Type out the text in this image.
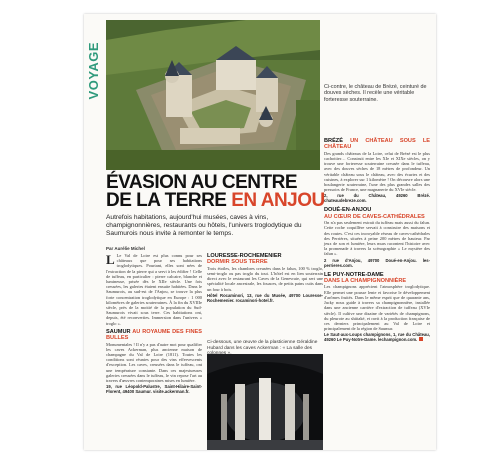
VOYAGE	Ci-contre, le château de Brézé, ceinturé de douves sèches. Il recèle une véritable forteresse souterraine.
ÉVASION AU CENTRE
DE LA TERRE EN ANJOU
Autrefois habitations, aujourd'hui musées, caves à vins, champignonnières, restaurants ou hôtels, l'univers troglodytique du Saumurois nous invite à remonter le temps.
Par Aurélie Michel

L Le Val de Loire est plus connu pour ses châteaux que pour ses habitations troglodytiques. Pourtant, elles sont nées de l'extraction de la pierre qui a servi à les édifier ! Celle de tuffeau, en particulier : pierre calcaire, blanche et lumineuse, prisée dès le XIIe siècle. Une fois creusées, les galeries étaient ensuite habitées. Dans le Saumurois, au sud-est de l'Anjou, se trouve la plus forte concentration troglodytique en Europe : 1 000 kilomètres de galeries souterraines. À la fin du XVIIIe siècle, près de la moitié de la population du Sud-Saumurois vivait sous terre. Ces habitations ont, depuis, été reconverties. Immersion dans l'univers « troglo ».

SAUMUR AU ROYAUME DES FINES BULLES

Monumentales ! Il n'y a pas d'autre mot pour qualifier les caves Ackerman, plus ancienne maison de champagne du Val de Loire (1811). Toutes les conditions sont réunies pour des vins effervescents d'exception. Les caves, creusées dans le tuffeau, ont une température constante. Dans ces majestueuses galeries creusées dans le tuffeau, le vin repose l'art au travers d'œuvres contemporaines mises en lumière.

19, rue Léopold-Palustre, Saint-Hilaire-Saint-Florent, 49400 Saumur. visite.ackerman.fr.
LOURESSE-ROCHEMENIER
DORMIR SOUS TERRE

Trois étoiles, les chambres creusées dans le falun, 100 % troglo, semi-troglo ou pas troglo du tout. L'hôtel est en lien souterrain direct avec le restaurant les Caves de la Genevraie, qui sert une spécialité locale ancestrale, les fouaces, de petits pains cuits dans un four à bois.

Hôtel Rocaminori, 13, rue du Musée, 49700 Louresse-Rochemenier. rocaminori-hotel.fr.
Ci-dessous, une œuvre de la plasticienne Géraldine Hubard dans les caves Ackerman : « La salle des
BRÉZÉ UN CHÂTEAU SOUS LE CHÂTEAU

Des grands châteaux de la Loire, celui de Brézé est le plus cachottier… Construit entre les XIe et XIXe siècles, on y trouve une forteresse souterraine creusée dans le tuffeau, avec des douves sèches de 18 mètres de profondeur. Un véritable château sous le château, avec des écuries et des cuisines, à explorer sur 1 kilomètre ! On découvre alors une boulangerie souterraine, l'une des plus grandes salles des pressoirs de France, une magnanerie du XVIe siècle.

2, rue du Château, 49260 Brézé. chateaudebreze.com.
DOUÉ-EN-ANJOU
AU CŒUR DE CAVES-CATHÉDRALES

On n'a pas seulement extrait du tuffeau mais aussi du falun. Cette roche coquillère servait à construire des maisons et des routes. C'est ces incroyable réseau de caves-cathédrales des Perrières, situées à peine 200 mètres de hauteur. Par jeux de son et lumière, leurs murs racontent l'histoire avec la promenade à travers la scénographie « Le mystère des falun ».

2 rue d'Anjou, 49700 Doué-en-Anjou. les-perrieres.com.
LE PUY-NOTRE-DAME
DANS LA CHAMPIGNONNIÈRE

Les champignons apprécient l'atmosphère troglodytique. Elle permet une pousse lente et favorise le développement d'arômes fruités. Dans le même esprit que de quarante ans, Jacky nous guide à travers sa champignonnière, installée dans une ancienne carrière d'extraction de tuffeau (XVIe siècle). Il cultive une dizaine de variétés de champignons, du pleurote au shiitaké, et ravit à la production française de ces derniers principalement au Val de Loire et principalement de la région de Saumur.

Le Saut-aux-Loups champignons, 1, rue du Château, 49260 Le Puy-Notre-Dame. lechampignon.com.
